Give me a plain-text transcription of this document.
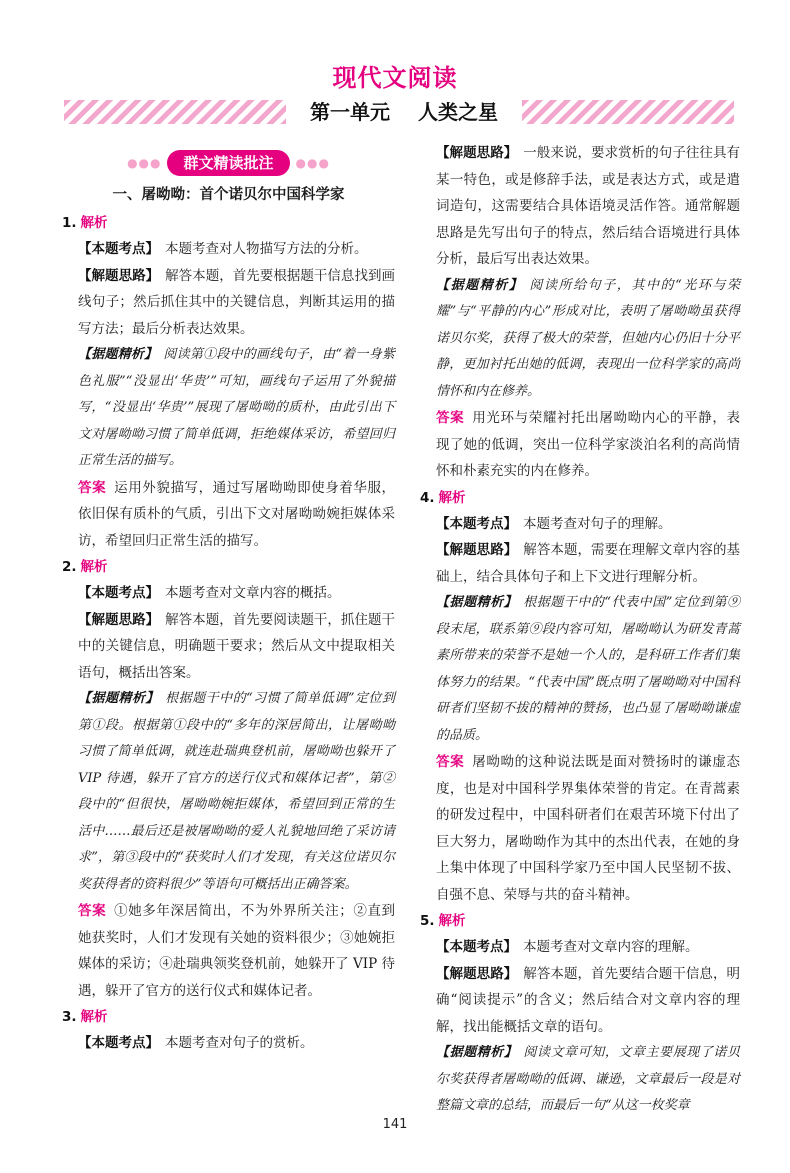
现代文阅读
第一单元 人类之星
●●●	群文精读批注	●●●
一、屠呦呦：首个诺贝尔中国科学家
1. 解析
【本题考点】 本题考查对人物描写方法的分析。
【解题思路】 解答本题，首先要根据题干信息找到画线句子；然后抓住其中的关键信息，判断其运用的描写方法；最后分析表达效果。
【据题精析】 阅读第①段中的画线句子，由“着一身紫色礼服”“没显出‘华贵’”可知，画线句子运用了外貌描写，“没显出‘华贵’”展现了屠呦呦的质朴，由此引出下文对屠呦呦习惯了简单低调，拒绝媒体采访，希望回归正常生活的描写。
答案 运用外貌描写，通过写屠呦呦即使身着华服，依旧保有质朴的气质，引出下文对屠呦呦婉拒媒体采访，希望回归正常生活的描写。
2. 解析
【本题考点】 本题考查对文章内容的概括。
【解题思路】 解答本题，首先要阅读题干，抓住题干中的关键信息，明确题干要求；然后从文中提取相关语句，概括出答案。
【据题精析】 根据题干中的“习惯了简单低调”定位到第①段。根据第①段中的“多年的深居简出，让屠呦呦习惯了简单低调，就连赴瑞典登机前，屠呦呦也躲开了 VIP 待遇，躲开了官方的送行仪式和媒体记者”，第②段中的“但很快，屠呦呦婉拒媒体，希望回到正常的生活中……最后还是被屠呦呦的爱人礼貌地回绝了采访请求”，第③段中的“获奖时人们才发现，有关这位诺贝尔奖获得者的资料很少”等语句可概括出正确答案。
答案 ①她多年深居简出，不为外界所关注；②直到她获奖时，人们才发现有关她的资料很少；③她婉拒媒体的采访；④赴瑞典领奖登机前，她躲开了 VIP 待遇，躲开了官方的送行仪式和媒体记者。
3. 解析
【本题考点】 本题考查对句子的赏析。
【解题思路】 一般来说，要求赏析的句子往往具有某一特色，或是修辞手法，或是表达方式，或是遣词造句，这需要结合具体语境灵活作答。通常解题思路是先写出句子的特点，然后结合语境进行具体分析，最后写出表达效果。
【据题精析】 阅读所给句子，其中的“光环与荣耀”与“平静的内心”形成对比，表明了屠呦呦虽获得诺贝尔奖，获得了极大的荣誉，但她内心仍旧十分平静，更加衬托出她的低调，表现出一位科学家的高尚情怀和内在修养。
答案 用光环与荣耀衬托出屠呦呦内心的平静，表现了她的低调，突出一位科学家淡泊名利的高尚情怀和朴素充实的内在修养。
4. 解析
【本题考点】 本题考查对句子的理解。
【解题思路】 解答本题，需要在理解文章内容的基础上，结合具体句子和上下文进行理解分析。
【据题精析】 根据题干中的“代表中国”定位到第⑨段末尾，联系第⑨段内容可知，屠呦呦认为研发青蒿素所带来的荣誉不是她一个人的，是科研工作者们集体努力的结果。“代表中国”既点明了屠呦呦对中国科研者们坚韧不拔的精神的赞扬，也凸显了屠呦呦谦虚的品质。
答案 屠呦呦的这种说法既是面对赞扬时的谦虚态度，也是对中国科学界集体荣誉的肯定。在青蒿素的研发过程中，中国科研者们在艰苦环境下付出了巨大努力，屠呦呦作为其中的杰出代表，在她的身上集中体现了中国科学家乃至中国人民坚韧不拔、自强不息、荣辱与共的奋斗精神。
5. 解析
【本题考点】 本题考查对文章内容的理解。
【解题思路】 解答本题，首先要结合题干信息，明确“阅读提示”的含义；然后结合对文章内容的理解，找出能概括文章的语句。
【据题精析】 阅读文章可知，文章主要展现了诺贝尔奖获得者屠呦呦的低调、谦逊，文章最后一段是对整篇文章的总结，而最后一句“从这一枚奖章
141
